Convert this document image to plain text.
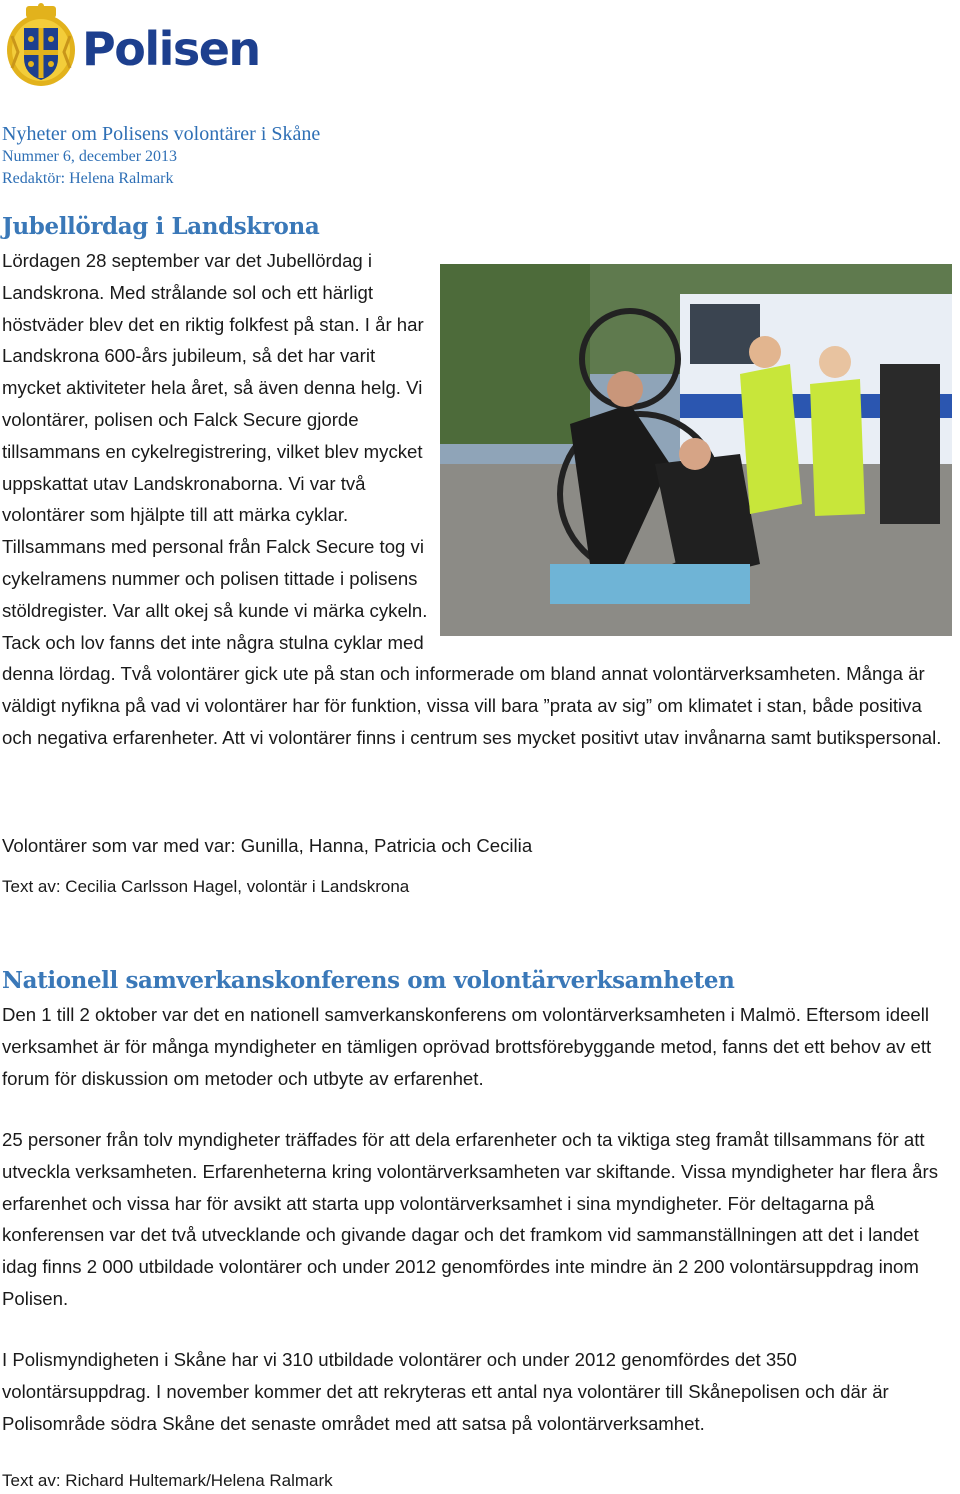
Polisen
Nyheter om Polisens volontärer i Skåne
Nummer 6, december 2013
Redaktör: Helena Ralmark
Jubellördag i Landskrona

Lördagen 28 september var det Jubellördag i Landskrona. Med strålande sol och ett härligt höstväder blev det en riktig folkfest på stan. I år har Landskrona 600-års jubileum, så det har varit mycket aktiviteter hela året, så även denna helg. Vi volontärer, polisen och Falck Secure gjorde tillsammans en cykelregistrering, vilket blev mycket uppskattat utav Landskronaborna. Vi var två volontärer som hjälpte till att märka cyklar. Tillsammans med personal från Falck Secure tog vi cykelramens nummer och polisen tittade i polisens stöldregister. Var allt okej så kunde vi märka cykeln. Tack och lov fanns det inte några stulna cyklar med denna lördag. Två volontärer gick ute på stan och informerade om bland annat volontärverksamheten. Många är väldigt nyfikna på vad vi volontärer har för funktion, vissa vill bara ”prata av sig” om klimatet i stan, både positiva och negativa erfarenheter. Att vi volontärer finns i centrum ses mycket positivt utav invånarna samt butikspersonal.

Volontärer som var med var: Gunilla, Hanna, Patricia och Cecilia

Text av: Cecilia Carlsson Hagel, volontär i Landskrona

Nationell samverkanskonferens om volontärverksamheten

Den 1 till 2 oktober var det en nationell samverkanskonferens om volontärverksamheten i Malmö. Eftersom ideell verksamhet är för många myndigheter en tämligen oprövad brottsförebyggande metod, fanns det ett behov av ett forum för diskussion om metoder och utbyte av erfarenhet.

25 personer från tolv myndigheter träffades för att dela erfarenheter och ta viktiga steg framåt tillsammans för att utveckla verksamheten. Erfarenheterna kring volontärverksamheten var skiftande. Vissa myndigheter har flera års erfarenhet och vissa har för avsikt att starta upp volontärverksamhet i sina myndigheter. För deltagarna på konferensen var det två utvecklande och givande dagar och det framkom vid sammanställningen att det i landet idag finns 2 000 utbildade volontärer och under 2012 genomfördes inte mindre än 2 200 volontärsuppdrag inom Polisen.

I Polismyndigheten i Skåne har vi 310 utbildade volontärer och under 2012 genomfördes det 350 volontärsuppdrag. I november kommer det att rekryteras ett antal nya volontärer till Skånepolisen och där är Polisområde södra Skåne det senaste området med att satsa på volontärverksamhet.

Text av: Richard Hultemark/Helena Ralmark
